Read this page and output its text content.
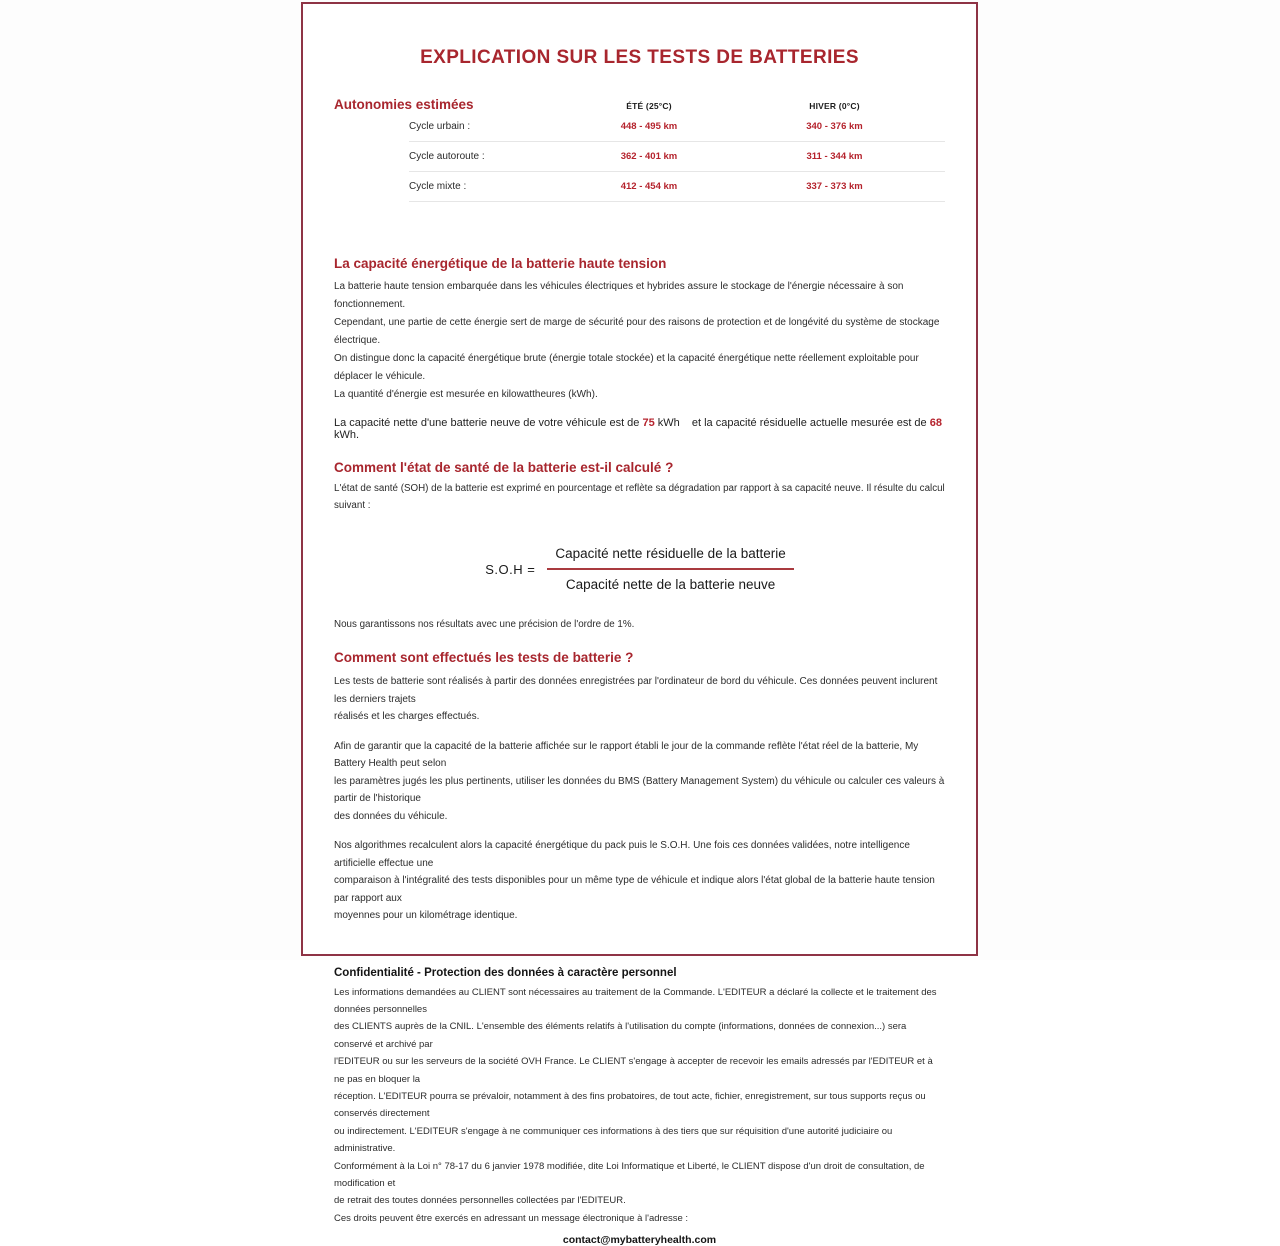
EXPLICATION SUR LES TESTS DE BATTERIES
Autonomies estimées	ÉTÉ (25°C)	HIVER (0°C)
Cycle urbain :	448 - 495 km	340 - 376 km
Cycle autoroute :	362 - 401 km	311 - 344 km
Cycle mixte :	412 - 454 km	337 - 373 km
La capacité énergétique de la batterie haute tension
La batterie haute tension embarquée dans les véhicules électriques et hybrides assure le stockage de l'énergie nécessaire à son fonctionnement.
Cependant, une partie de cette énergie sert de marge de sécurité pour des raisons de protection et de longévité du système de stockage électrique.
On distingue donc la capacité énergétique brute (énergie totale stockée) et la capacité énergétique nette réellement exploitable pour déplacer le véhicule.
La quantité d'énergie est mesurée en kilowattheures (kWh).

La capacité nette d'une batterie neuve de votre véhicule est de 75 kWh et la capacité résiduelle actuelle mesurée est de 68 kWh.

Comment l'état de santé de la batterie est-il calculé ?
L'état de santé (SOH) de la batterie est exprimé en pourcentage et reflète sa dégradation par rapport à sa capacité neuve. Il résulte du calcul suivant :
$S.O.H = \frac{\text{Capacité nette résiduelle de la batterie}}{\text{Capacité nette de la batterie neuve}}$
Nous garantissons nos résultats avec une précision de l'ordre de 1%.
Comment sont effectués les tests de batterie ?
Les tests de batterie sont réalisés à partir des données enregistrées par l'ordinateur de bord du véhicule. Ces données peuvent inclurent les derniers trajets
réalisés et les charges effectués.
Afin de garantir que la capacité de la batterie affichée sur le rapport établi le jour de la commande reflète l'état réel de la batterie, My Battery Health peut selon
les paramètres jugés les plus pertinents, utiliser les données du BMS (Battery Management System) du véhicule ou calculer ces valeurs à partir de l'historique
des données du véhicule.
Nos algorithmes recalculent alors la capacité énergétique du pack puis le S.O.H. Une fois ces données validées, notre intelligence artificielle effectue une
comparaison à l'intégralité des tests disponibles pour un même type de véhicule et indique alors l'état global de la batterie haute tension par rapport aux
moyennes pour un kilométrage identique.
Confidentialité - Protection des données à caractère personnel
Les informations demandées au CLIENT sont nécessaires au traitement de la Commande. L'EDITEUR a déclaré la collecte et le traitement des données personnelles
des CLIENTS auprès de la CNIL. L'ensemble des éléments relatifs à l'utilisation du compte (informations, données de connexion...) sera conservé et archivé par
l'EDITEUR ou sur les serveurs de la société OVH France. Le CLIENT s'engage à accepter de recevoir les emails adressés par l'EDITEUR et à ne pas en bloquer la
réception. L'EDITEUR pourra se prévaloir, notamment à des fins probatoires, de tout acte, fichier, enregistrement, sur tous supports reçus ou conservés directement
ou indirectement. L'EDITEUR s'engage à ne communiquer ces informations à des tiers que sur réquisition d'une autorité judiciaire ou administrative.
Conformément à la Loi n° 78-17 du 6 janvier 1978 modifiée, dite Loi Informatique et Liberté, le CLIENT dispose d'un droit de consultation, de modification et
de retrait des toutes données personnelles collectées par l'EDITEUR.
Ces droits peuvent être exercés en adressant un message électronique à l'adresse :
contact@mybatteryhealth.com
